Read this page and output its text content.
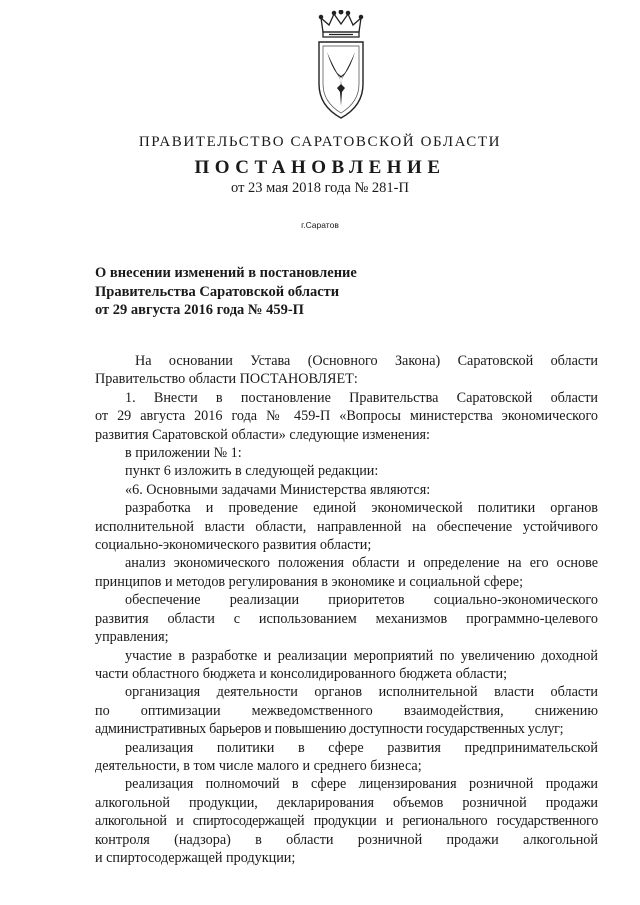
ПРАВИТЕЛЬСТВО САРАТОВСКОЙ ОБЛАСТИ
ПОСТАНОВЛЕНИЕ
от 23 мая 2018 года № 281-П
г.Саратов
О внесении изменений в постановление
Правительства Саратовской области
от 29 августа 2016 года № 459-П

На основании Устава (Основного Закона) Саратовской области
Правительство области ПОСТАНОВЛЯЕТ:

1. Внести в постановление Правительства Саратовской области
от 29 августа 2016 года № 459-П «Вопросы министерства экономического
развития Саратовской области» следующие изменения:

в приложении № 1:

пункт 6 изложить в следующей редакции:

«6. Основными задачами Министерства являются:

разработка и проведение единой экономической политики органов
исполнительной власти области, направленной на обеспечение устойчивого
социально-экономического развития области;

анализ экономического положения области и определение на его основе
принципов и методов регулирования в экономике и социальной сфере;

обеспечение реализации приоритетов социально-экономического
развития области с использованием механизмов программно-целевого
управления;

участие в разработке и реализации мероприятий по увеличению доходной
части областного бюджета и консолидированного бюджета области;

организация деятельности органов исполнительной власти области
по оптимизации межведомственного взаимодействия, снижению
административных барьеров и повышению доступности государственных услуг;

реализация политики в сфере развития предпринимательской
деятельности, в том числе малого и среднего бизнеса;

реализация полномочий в сфере лицензирования розничной продажи
алкогольной продукции, декларирования объемов розничной продажи
алкогольной и спиртосодержащей продукции и регионального государственного
контроля (надзора) в области розничной продажи алкогольной
и спиртосодержащей продукции;
